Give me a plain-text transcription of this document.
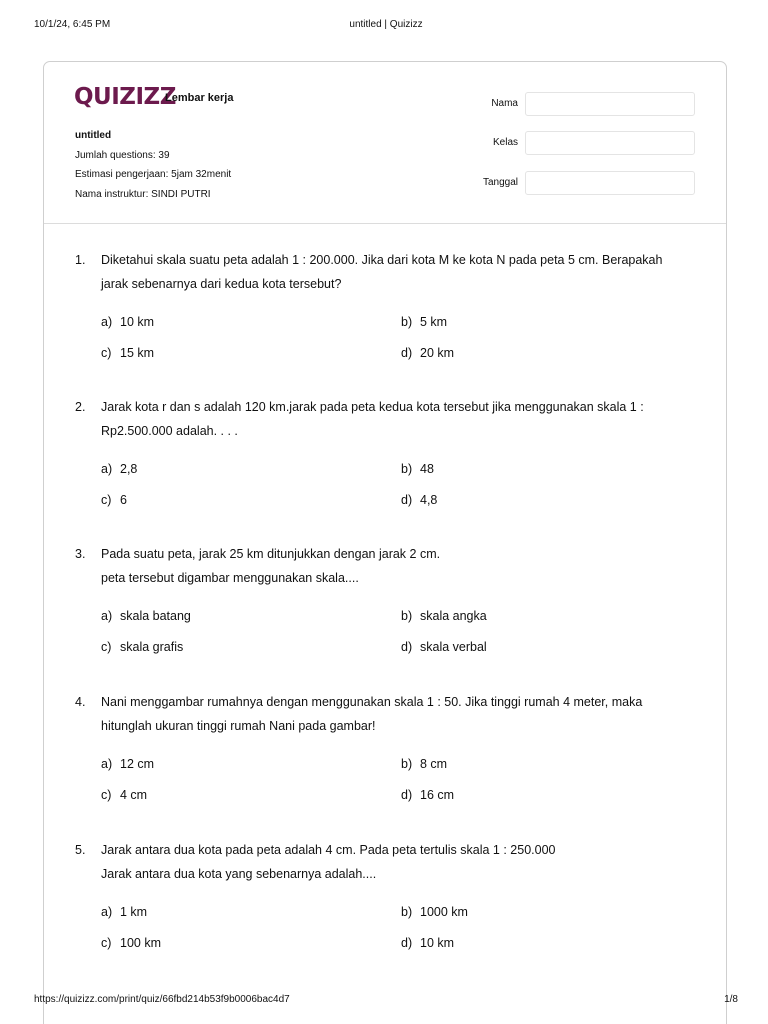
10/1/24, 6:45 PM	untitled | Quizizz
QUIZIZZ
Lembar kerja
untitled
Jumlah questions: 39
Estimasi pengerjaan: 5jam 32menit
Nama instruktur: SINDI PUTRI
Nama
Kelas
Tanggal
1. Diketahui skala suatu peta adalah 1 : 200.000. Jika dari kota M ke kota N pada peta 5 cm. Berapakah
jarak sebenarnya dari kedua kota tersebut?
a) 10 km	b) 5 km
c) 15 km	d) 20 km
2. Jarak kota r dan s adalah 120 km.jarak pada peta kedua kota tersebut jika menggunakan skala 1 :
Rp2.500.000 adalah. . . .
a) 2,8	b) 48
c) 6	d) 4,8
3. Pada suatu peta, jarak 25 km ditunjukkan dengan jarak 2 cm.
peta tersebut digambar menggunakan skala....
a) skala batang	b) skala angka
c) skala grafis	d) skala verbal
4. Nani menggambar rumahnya dengan menggunakan skala 1 : 50. Jika tinggi rumah 4 meter, maka
hitunglah ukuran tinggi rumah Nani pada gambar!
a) 12 cm	b) 8 cm
c) 4 cm	d) 16 cm
5. Jarak antara dua kota pada peta adalah 4 cm. Pada peta tertulis skala 1 : 250.000
Jarak antara dua kota yang sebenarnya adalah....
a) 1 km	b) 1000 km
c) 100 km	d) 10 km
https://quizizz.com/print/quiz/66fbd214b53f9b0006bac4d7	1/8
